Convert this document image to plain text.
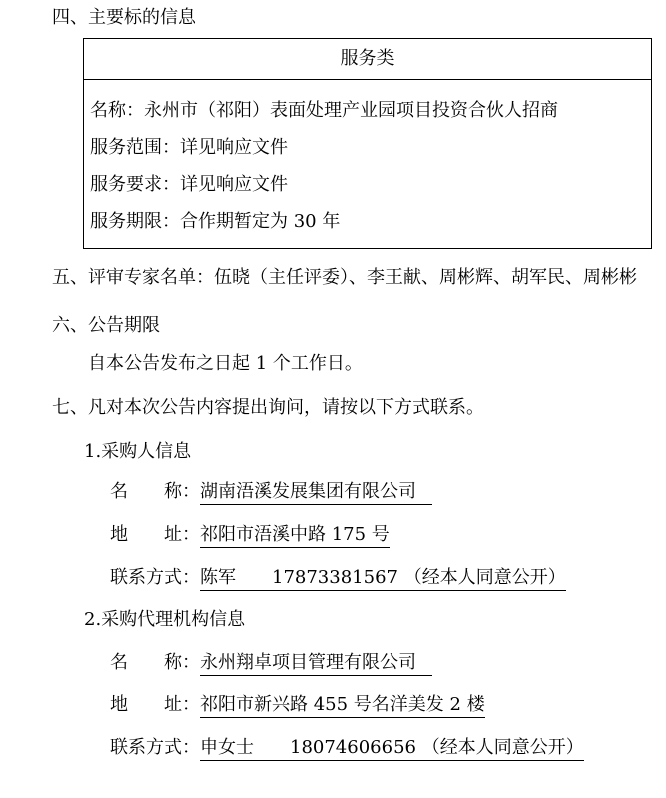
四、主要标的信息
服务类
名称：永州市（祁阳）表面处理产业园项目投资合伙人招商
服务范围：详见响应文件
服务要求：详见响应文件
服务期限：合作期暂定为 30 年
五、评审专家名单：伍晓（主任评委）、李王献、周彬辉、胡军民、周彬彬
六、公告期限
自本公告发布之日起 1 个工作日。
七、凡对本次公告内容提出询问，请按以下方式联系。
1.采购人信息
名　　称：湖南浯溪发展集团有限公司
地　　址：祁阳市浯溪中路 175 号
联系方式：陈军　　17873381567 （经本人同意公开）
2.采购代理机构信息
名　　称：永州翔卓项目管理有限公司
地　　址：祁阳市新兴路 455 号名洋美发 2 楼
联系方式：申女士　　18074606656 （经本人同意公开）
